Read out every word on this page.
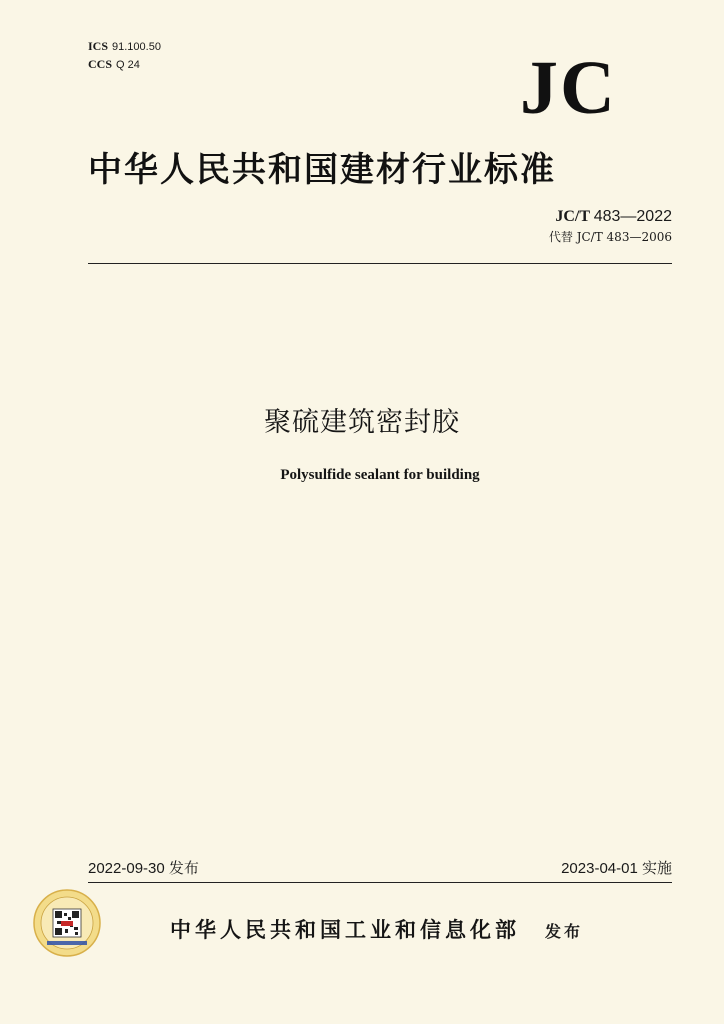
ICS 91.100.50
CCS Q 24	JC
中华人民共和国建材行业标准
JC/T 483—2022
代替 JC/T 483—2006
聚硫建筑密封胶
Polysulfide sealant for building
2022-09-30 发布	2023-04-01 实施
中华人民共和国工业和信息化部 发布
